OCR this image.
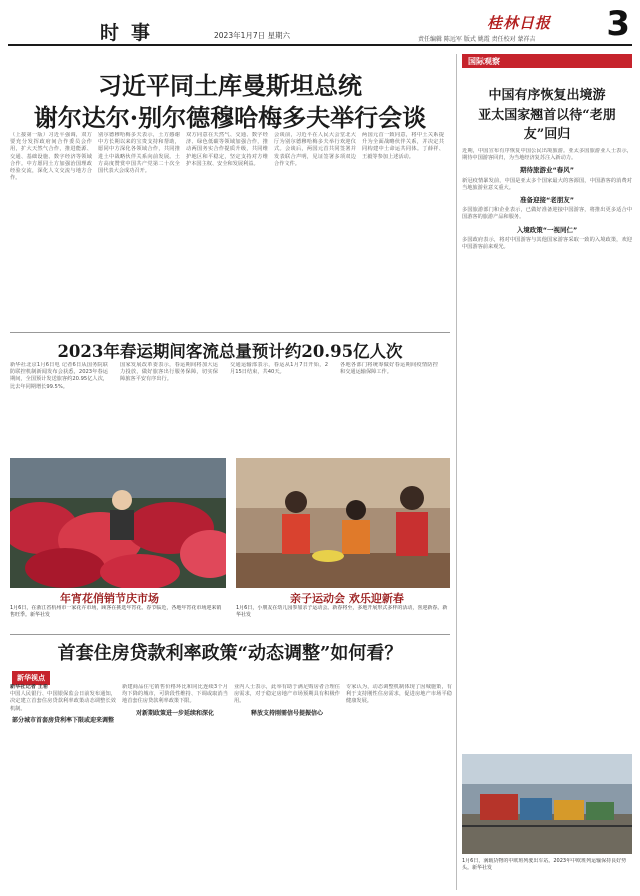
时事	2023年1月7日 星期六
桂林日报
责任编辑 陈远军 版式 姚霞 责任校对 蒙祥吉 3
习近平同土库曼斯坦总统
谢尔达尔·别尔德穆哈梅多夫举行会谈
（上接第一版）习近平强调，双方要充分发挥政府间合作委员会作用，扩大天然气合作，推进能源、交通、基础设施、数字经济等领域合作。中方愿同土方加强治国理政经验交流，深化人文交流与地方合作。
别尔德穆哈梅多夫表示，土方感谢中方长期以来的宝贵支持和帮助，愿同中方深化各领域合作，共同推进土中战略伙伴关系向前发展。土方高度赞赏中国共产党第二十次全国代表大会成功召开。
双方同意在天然气、交通、数字经济、绿色低碳等领域加强合作，推动两国务实合作提质升级，共同维护地区和平稳定，坚定支持对方维护本国主权、安全和发展利益。
会谈前，习近平在人民大会堂北大厅为别尔德穆哈梅多夫举行欢迎仪式。会谈后，两国元首共同签署并发表联合声明，见证签署多项双边合作文件。
两国元首一致同意，将中土关系提升为全面战略伙伴关系，并决定共同构建中土命运共同体。丁薛祥、王毅等参加上述活动。
2023年春运期间客流总量预计约20.95亿人次
新华社北京1月6日电 记者6日从国务院联防联控机制新闻发布会获悉，2023年春运期间，全国预计发送旅客约20.95亿人次，比去年同期增长99.5%。
国家发展改革委表示，春运期间将加大运力投放，做好旅客出行服务保障，切实保障旅客平安有序出行。
交通运输部表示，春运从1月7日开始，2月15日结束，共40天。
各地各部门将统筹做好春运期间疫情防控和交通运输保障工作。
年宵花俏销节庆市场	亲子运动会 欢乐迎新春
1月6日，在浙江省杭州市一家花卉市场，顾客在挑选年宵花。春节临近，各地年宵花市场迎来销售旺季。新华社发
1月6日，小朋友在幼儿园参加亲子运动会。新春将至，多地开展形式多样的活动，喜迎新春。新华社发
首套住房贷款利率政策“动态调整”如何看？
新华视点
新华社记者 王希
中国人民银行、中国银保监会日前发布通知，决定建立首套住房贷款利率政策动态调整长效机制。
部分城市首套房贷利率下限或迎来调整
新建商品住宅销售价格环比和同比连续3个月均下降的城市，可阶段性维持、下调或取消当地首套住房贷款利率政策下限。
对新期政策进一步延续和深化
业内人士表示，此举有助于满足购房者合理住房需求，对于稳定房地产市场预期具有积极作用。
释放支持刚需信号提振信心
专家认为，动态调整机制体现了因城施策，有利于支持刚性住房需求，促进房地产市场平稳健康发展。
国际观察
中国有序恢复出境游
亚太国家翘首以待“老朋友”回归
近期，中国宣布有序恢复中国公民出境旅游。亚太多国旅游业人士表示，期待中国游客回归，为当地经济复苏注入新动力。
期待旅游业“春风”
新冠疫情暴发前，中国是亚太多个国家最大的客源国，中国游客的消费对当地旅游业意义重大。
准备迎接“老朋友”
多国旅游部门和企业表示，已做好准备迎接中国游客，将推出更多适合中国游客的旅游产品和服务。
入境政策“一视同仁”
多国政府表示，将对中国游客与其他国家游客采取一致的入境政策，欢迎中国游客前来观光。
1月6日，满载货物的中欧班列驶出车站。2023年中欧班列运输保持良好势头。新华社发
